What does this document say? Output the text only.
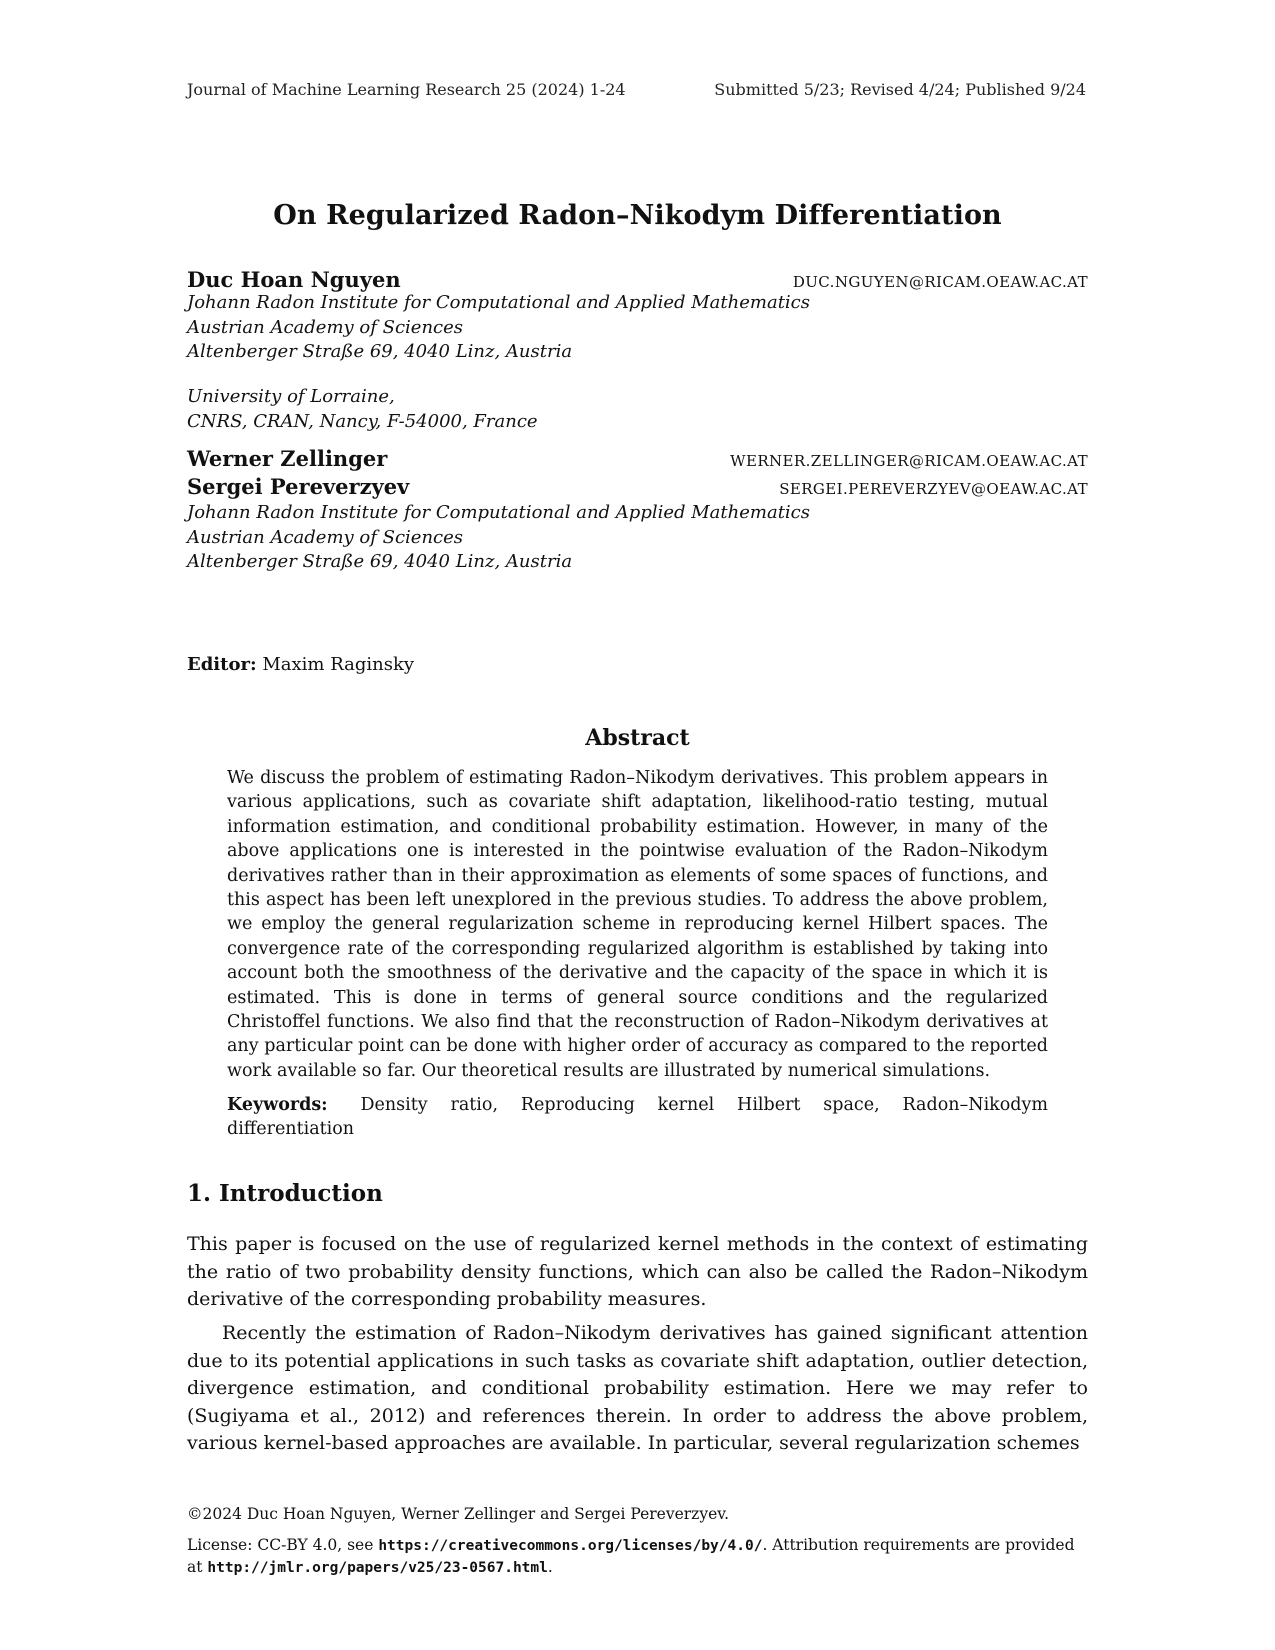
Journal of Machine Learning Research 25 (2024) 1-24	Submitted 5/23; Revised 4/24; Published 9/24
On Regularized Radon–Nikodym Differentiation
Duc Hoan Nguyen	DUC.NGUYEN@RICAM.OEAW.AC.AT
Johann Radon Institute for Computational and Applied Mathematics
Austrian Academy of Sciences
Altenberger Straße 69, 4040 Linz, Austria
University of Lorraine,
CNRS, CRAN, Nancy, F-54000, France
Werner Zellinger	WERNER.ZELLINGER@RICAM.OEAW.AC.AT
Sergei Pereverzyev	SERGEI.PEREVERZYEV@OEAW.AC.AT
Johann Radon Institute for Computational and Applied Mathematics
Austrian Academy of Sciences
Altenberger Straße 69, 4040 Linz, Austria
Editor: Maxim Raginsky
Abstract
We discuss the problem of estimating Radon–Nikodym derivatives. This problem appears in various applications, such as covariate shift adaptation, likelihood-ratio testing, mutual information estimation, and conditional probability estimation. However, in many of the above applications one is interested in the pointwise evaluation of the Radon–Nikodym derivatives rather than in their approximation as elements of some spaces of functions, and this aspect has been left unexplored in the previous studies. To address the above problem, we employ the general regularization scheme in reproducing kernel Hilbert spaces. The convergence rate of the corresponding regularized algorithm is established by taking into account both the smoothness of the derivative and the capacity of the space in which it is estimated. This is done in terms of general source conditions and the regularized Christoffel functions. We also find that the reconstruction of Radon–Nikodym derivatives at any particular point can be done with higher order of accuracy as compared to the reported work available so far. Our theoretical results are illustrated by numerical simulations.
Keywords: Density ratio, Reproducing kernel Hilbert space, Radon–Nikodym differentiation
1. Introduction
This paper is focused on the use of regularized kernel methods in the context of estimating the ratio of two probability density functions, which can also be called the Radon–Nikodym derivative of the corresponding probability measures.
Recently the estimation of Radon–Nikodym derivatives has gained significant attention due to its potential applications in such tasks as covariate shift adaptation, outlier detection, divergence estimation, and conditional probability estimation. Here we may refer to (Sugiyama et al., 2012) and references therein. In order to address the above problem, various kernel-based approaches are available. In particular, several regularization schemes
©2024 Duc Hoan Nguyen, Werner Zellinger and Sergei Pereverzyev.
License: CC-BY 4.0, see https://creativecommons.org/licenses/by/4.0/. Attribution requirements are provided at http://jmlr.org/papers/v25/23-0567.html.
